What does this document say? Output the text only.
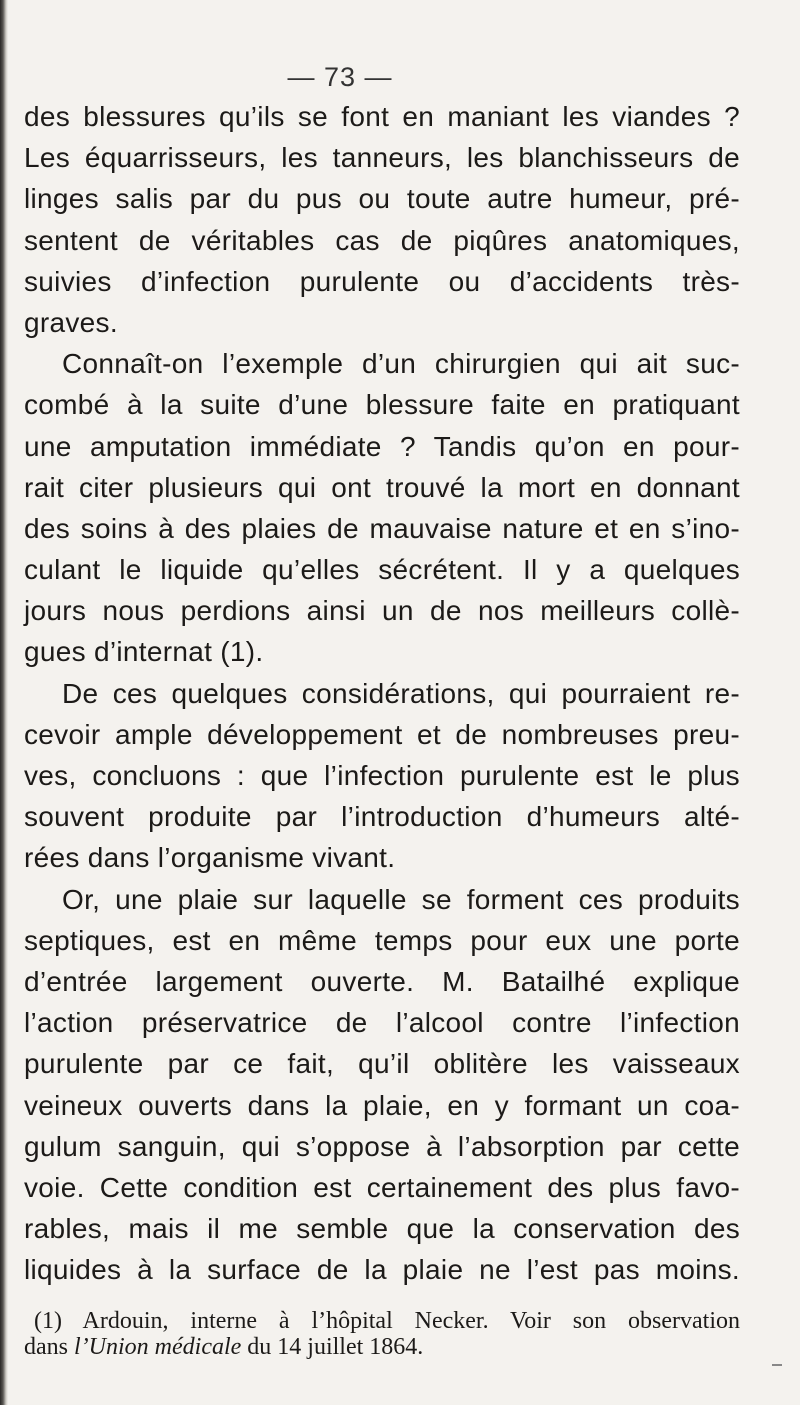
— 73 —
des blessures qu’ils se font en maniant les viandes ?
Les équarrisseurs, les tanneurs, les blanchisseurs de
linges salis par du pus ou toute autre humeur, pré-
sentent de véritables cas de piqûres anatomiques,
suivies d’infection purulente ou d’accidents très-
graves.
Connaît-on l’exemple d’un chirurgien qui ait suc-
combé à la suite d’une blessure faite en pratiquant
une amputation immédiate ? Tandis qu’on en pour-
rait citer plusieurs qui ont trouvé la mort en donnant
des soins à des plaies de mauvaise nature et en s’ino-
culant le liquide qu’elles sécrétent. Il y a quelques
jours nous perdions ainsi un de nos meilleurs collè-
gues d’internat (1).
De ces quelques considérations, qui pourraient re-
cevoir ample développement et de nombreuses preu-
ves, concluons : que l’infection purulente est le plus
souvent produite par l’introduction d’humeurs alté-
rées dans l’organisme vivant.
Or, une plaie sur laquelle se forment ces produits
septiques, est en même temps pour eux une porte
d’entrée largement ouverte. M. Batailhé explique
l’action préservatrice de l’alcool contre l’infection
purulente par ce fait, qu’il oblitère les vaisseaux
veineux ouverts dans la plaie, en y formant un coa-
gulum sanguin, qui s’oppose à l’absorption par cette
voie. Cette condition est certainement des plus favo-
rables, mais il me semble que la conservation des
liquides à la surface de la plaie ne l’est pas moins.
(1) Ardouin, interne à l’hôpital Necker. Voir son observation
dans l’Union médicale du 14 juillet 1864.
